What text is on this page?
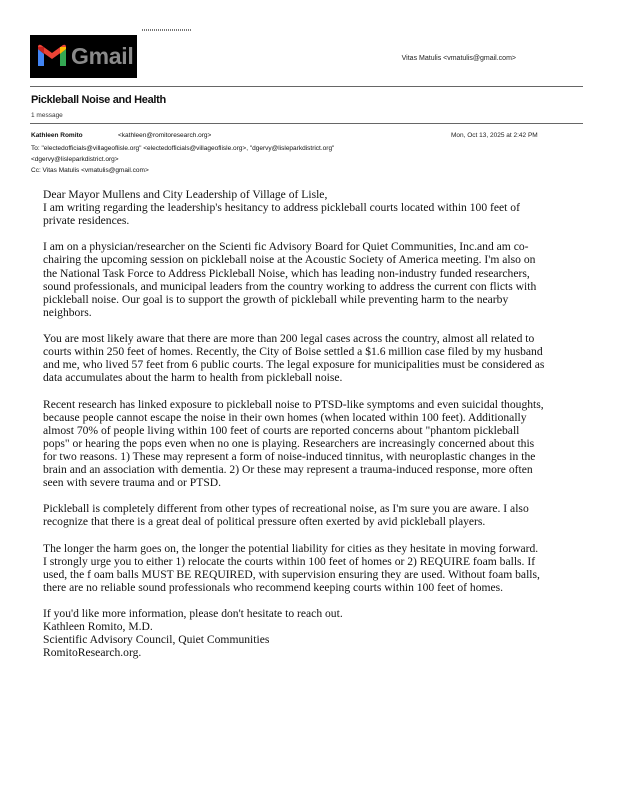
Gmail	Vitas Matulis <vmatulis@gmail.com>
Pickleball Noise and Health
1 message
Kathleen Romito	<kathleen@romitoresearch.org>	Mon, Oct 13, 2025 at 2:42 PM
To: "electedofficials@villageoflisle.org" <electedofficials@villageoflisle.org>, "dgervy@lisleparkdistrict.org"
<dgervy@lisleparkdistrict.org>
Cc: Vitas Matulis <vmatulis@gmail.com>

Dear Mayor Mullens and City Leadership of Village of Lisle,
I am writing regarding the leadership's hesitancy to address pickleball courts located within 100 feet of
private residences.

I am on a physician/researcher on the Scienti fic Advisory Board for Quiet Communities, Inc.and am co-
chairing the upcoming session on pickleball noise at the Acoustic Society of America meeting. I'm also on
the National Task Force to Address Pickleball Noise, which has leading non-industry funded researchers,
sound professionals, and municipal leaders from the country working to address the current con flicts with
pickleball noise. Our goal is to support the growth of pickleball while preventing harm to the nearby
neighbors.

You are most likely aware that there are more than 200 legal cases across the country, almost all related to
courts within 250 feet of homes. Recently, the City of Boise settled a $1.6 million case filed by my husband
and me, who lived 57 feet from 6 public courts. The legal exposure for municipalities must be considered as
data accumulates about the harm to health from pickleball noise.

Recent research has linked exposure to pickleball noise to PTSD-like symptoms and even suicidal thoughts,
because people cannot escape the noise in their own homes (when located within 100 feet). Additionally
almost 70% of people living within 100 feet of courts are reported concerns about "phantom pickleball
pops" or hearing the pops even when no one is playing. Researchers are increasingly concerned about this
for two reasons. 1) These may represent a form of noise-induced tinnitus, with neuroplastic changes in the
brain and an association with dementia. 2) Or these may represent a trauma-induced response, more often
seen with severe trauma and or PTSD.

Pickleball is completely different from other types of recreational noise, as I'm sure you are aware. I also
recognize that there is a great deal of political pressure often exerted by avid pickleball players.

The longer the harm goes on, the longer the potential liability for cities as they hesitate in moving forward.
I strongly urge you to either 1) relocate the courts within 100 feet of homes or 2) REQUIRE foam balls. If
used, the f oam balls MUST BE REQUIRED, with supervision ensuring they are used. Without foam balls,
there are no reliable sound professionals who recommend keeping courts within 100 feet of homes.

If you'd like more information, please don't hesitate to reach out.
Kathleen Romito, M.D.
Scientific Advisory Council, Quiet Communities
RomitoResearch.org.
